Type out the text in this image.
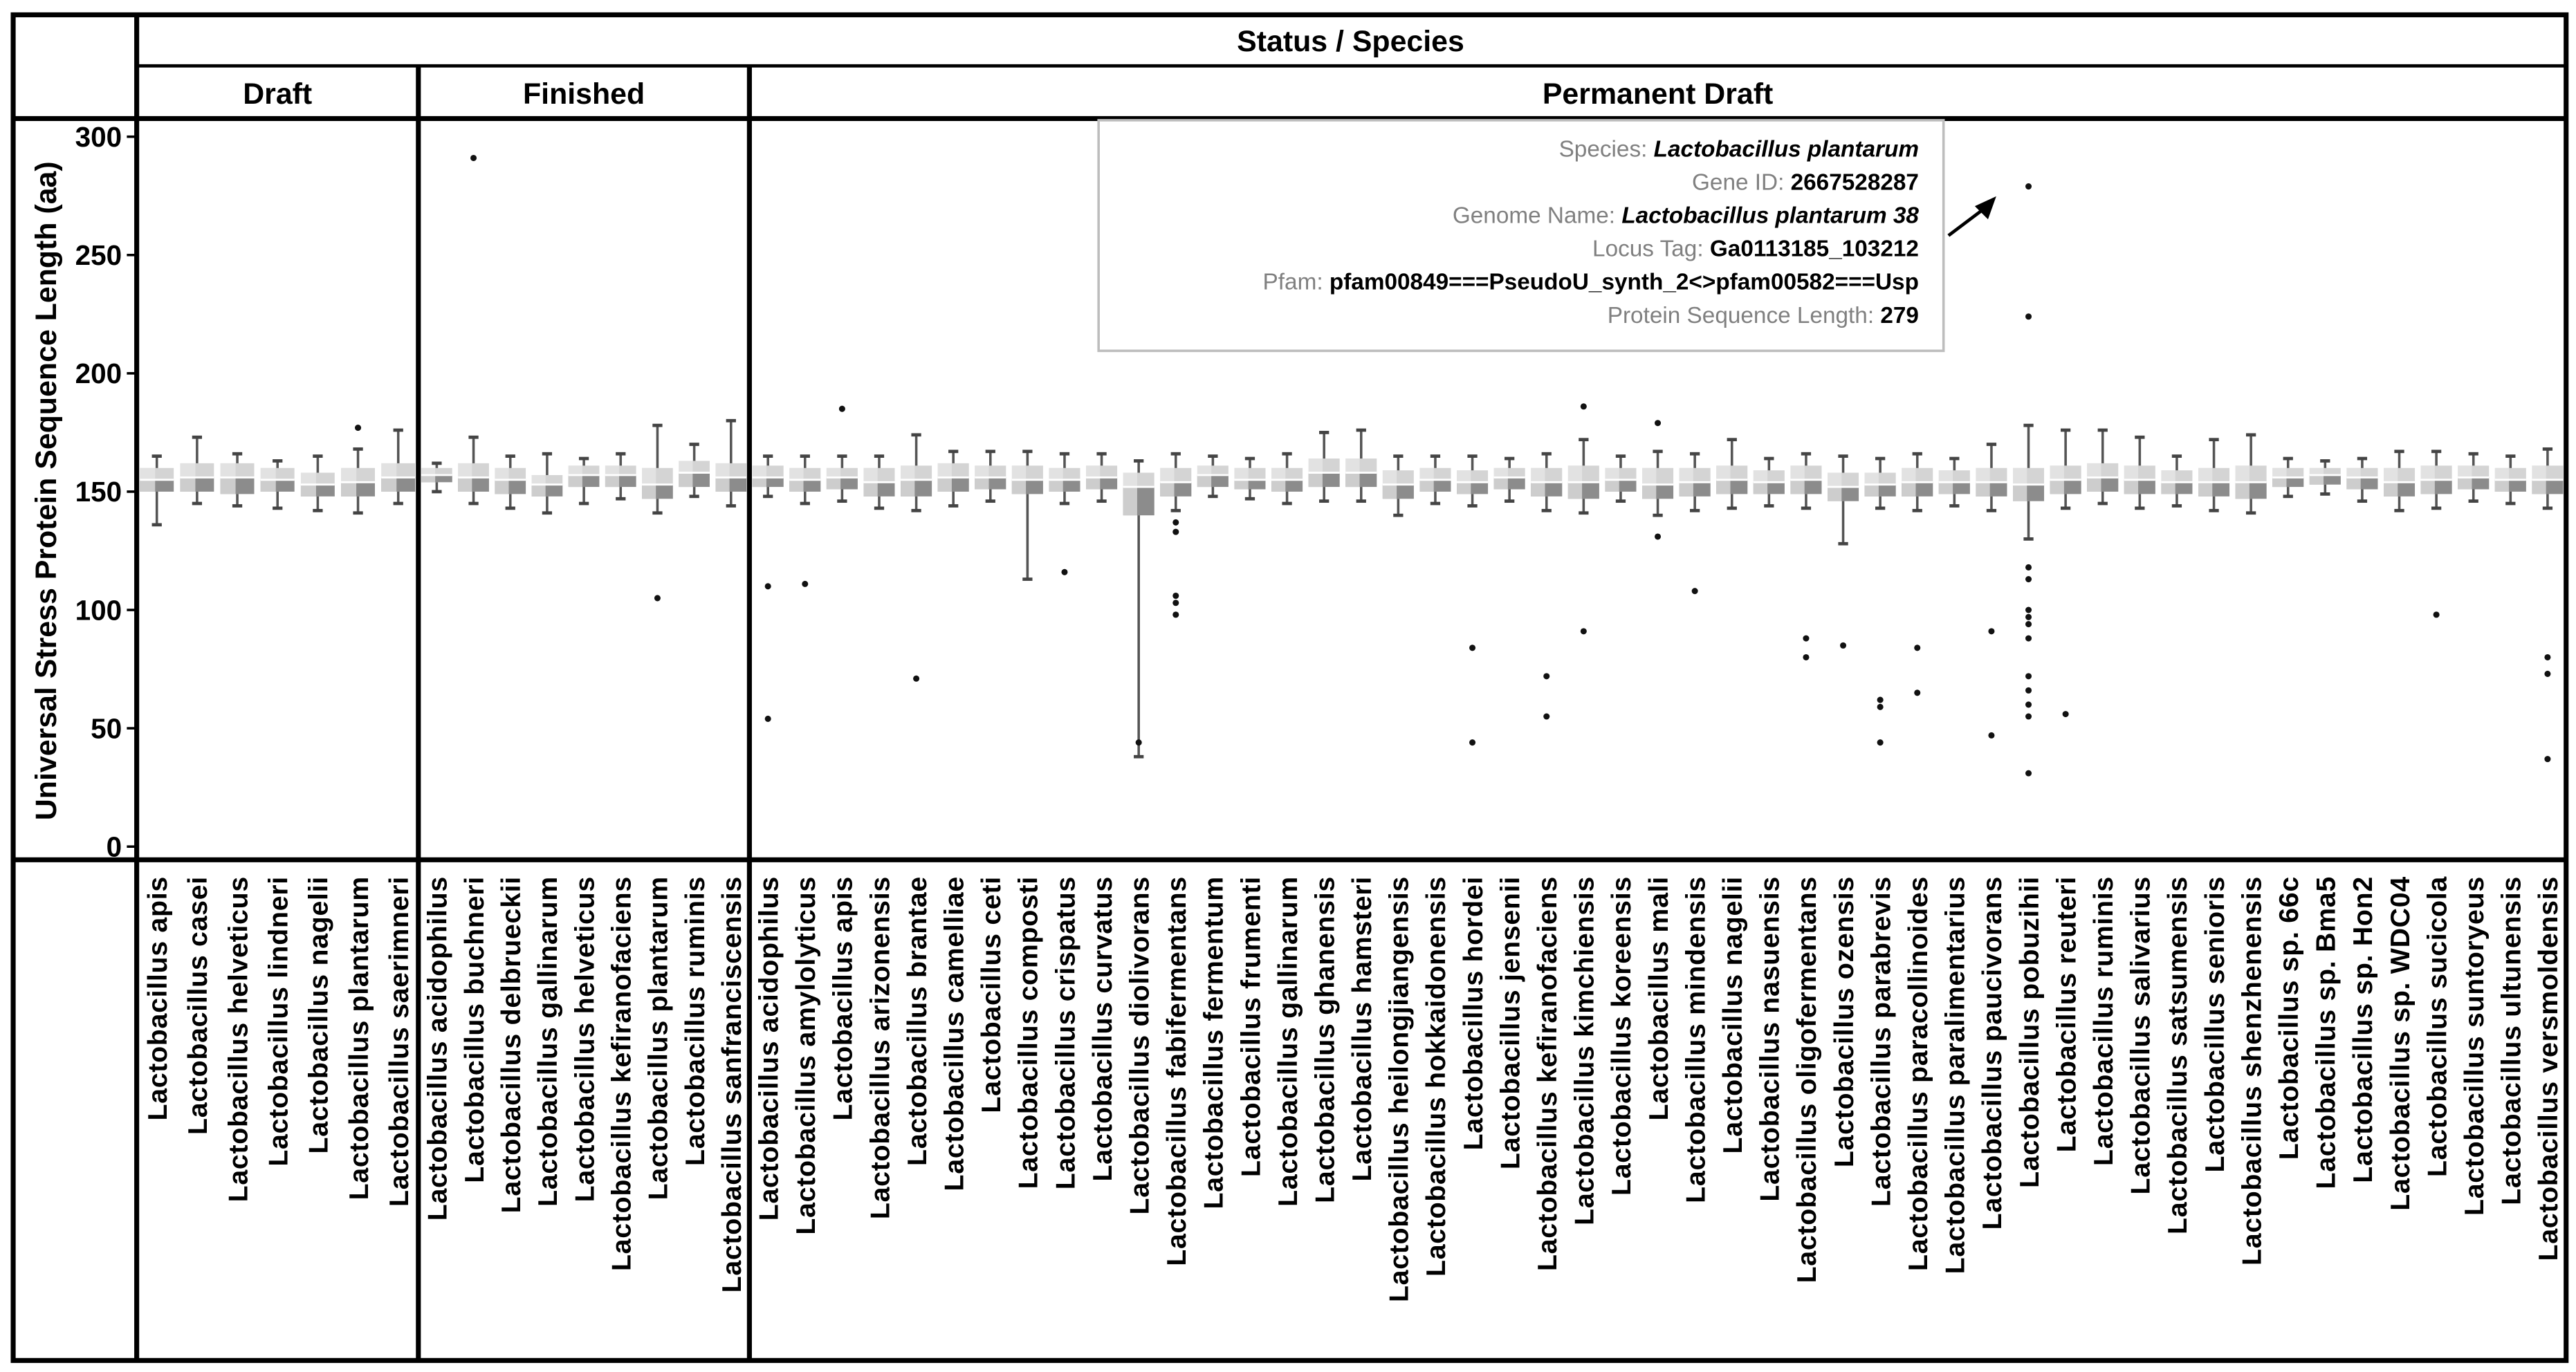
Status / Species
Universal Stress Protein Sequence Length (aa)
0
50
100
150
200
250
300
Draft
Lactobacillus apis Lactobacillus casei Lactobacillus helveticus Lactobacillus lindneri Lactobacillus nagelii Lactobacillus plantarum Lactobacillus saerimneri
Finished
Lactobacillus acidophilus Lactobacillus buchneri Lactobacillus delbrueckii Lactobacillus gallinarum Lactobacillus helveticus Lactobacillus kefiranofaciens Lactobacillus plantarum Lactobacillus ruminis Lactobacillus sanfranciscensis
Permanent Draft
Lactobacillus acidophilus Lactobacillus amylolyticus Lactobacillus apis Lactobacillus arizonensis Lactobacillus brantae Lactobacillus camelliae Lactobacillus ceti Lactobacillus composti Lactobacillus crispatus Lactobacillus curvatus Lactobacillus diolivorans Lactobacillus fabifermentans Lactobacillus fermentum Lactobacillus frumenti Lactobacillus gallinarum Lactobacillus ghanensis Lactobacillus hamsteri Lactobacillus heilongjiangensis Lactobacillus hokkaidonensis Lactobacillus hordei Lactobacillus jensenii Lactobacillus kefiranofaciens Lactobacillus kimchiensis Lactobacillus koreensis Lactobacillus mali Lactobacillus mindensis Lactobacillus nagelii Lactobacillus nasuensis Lactobacillus oligofermentans Lactobacillus ozensis Lactobacillus parabrevis Lactobacillus paracollinoides Lactobacillus paralimentarius Lactobacillus paucivorans Lactobacillus pobuzihii Lactobacillus reuteri Lactobacillus ruminis Lactobacillus salivarius Lactobacillus satsumensis Lactobacillus senioris Lactobacillus shenzhenensis Lactobacillus sp. 66c Lactobacillus sp. Bma5 Lactobacillus sp. Hon2 Lactobacillus sp. WDC04 Lactobacillus sucicola Lactobacillus suntoryeus Lactobacillus ultunensis Lactobacillus versmoldensis
Species: Lactobacillus plantarum
Gene ID: 2667528287
Genome Name: Lactobacillus plantarum 38
Locus Tag: Ga0113185_103212
Pfam: pfam00849===PseudoU_synth_2<>pfam00582===Usp
Protein Sequence Length: 279
